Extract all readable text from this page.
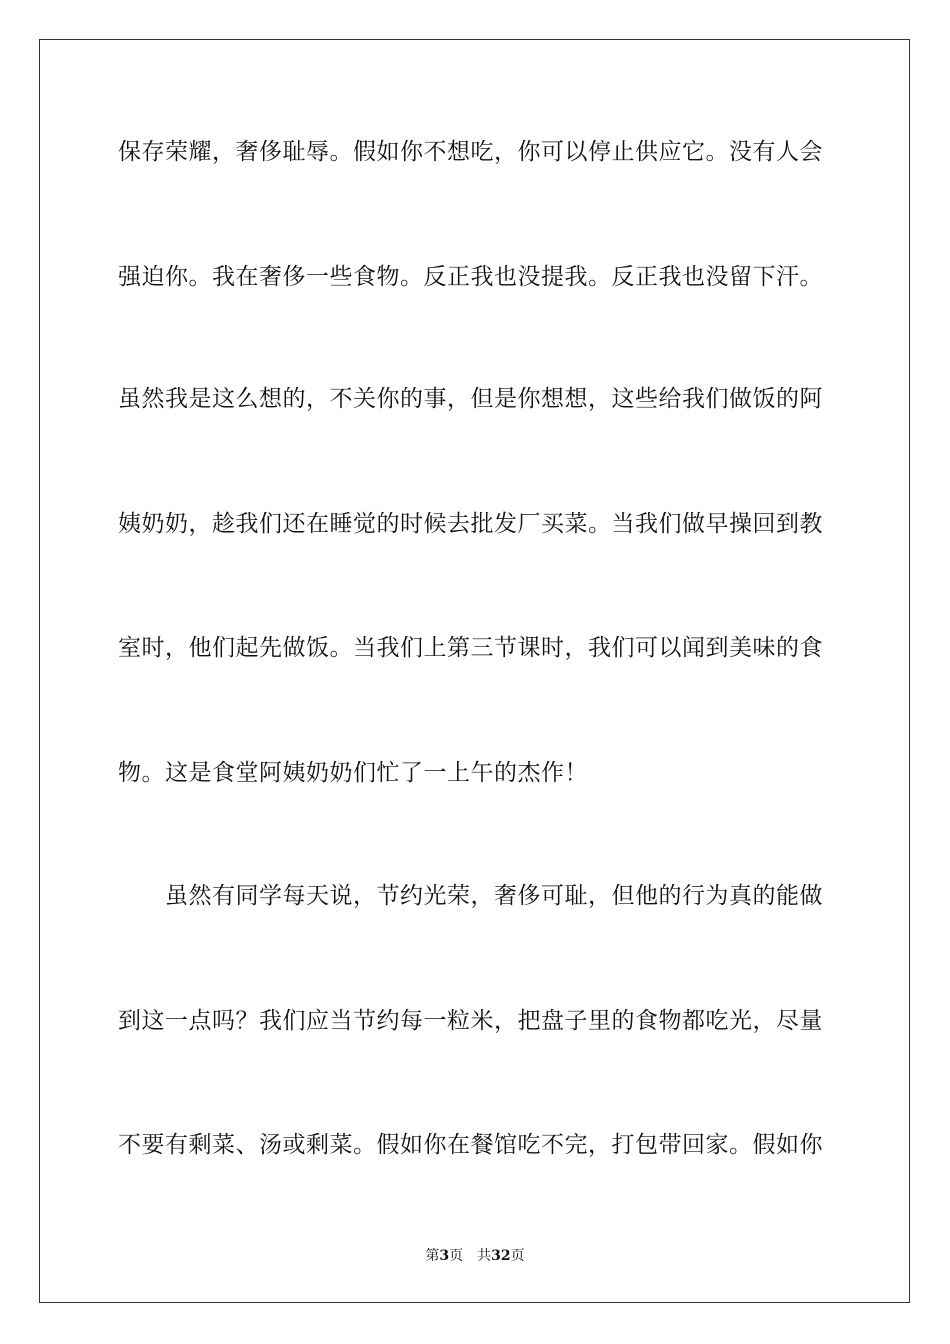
保存荣耀，奢侈耻辱。假如你不想吃，你可以停止供应它。没有人会
强迫你。我在奢侈一些食物。反正我也没提我。反正我也没留下汗。
虽然我是这么想的，不关你的事，但是你想想，这些给我们做饭的阿
姨奶奶，趁我们还在睡觉的时候去批发厂买菜。当我们做早操回到教
室时，他们起先做饭。当我们上第三节课时，我们可以闻到美味的食
物。这是食堂阿姨奶奶们忙了一上午的杰作！
　　虽然有同学每天说，节约光荣，奢侈可耻，但他的行为真的能做
到这一点吗？我们应当节约每一粒米，把盘子里的食物都吃光，尽量
不要有剩菜、汤或剩菜。假如你在餐馆吃不完，打包带回家。假如你
第3页 共32页
